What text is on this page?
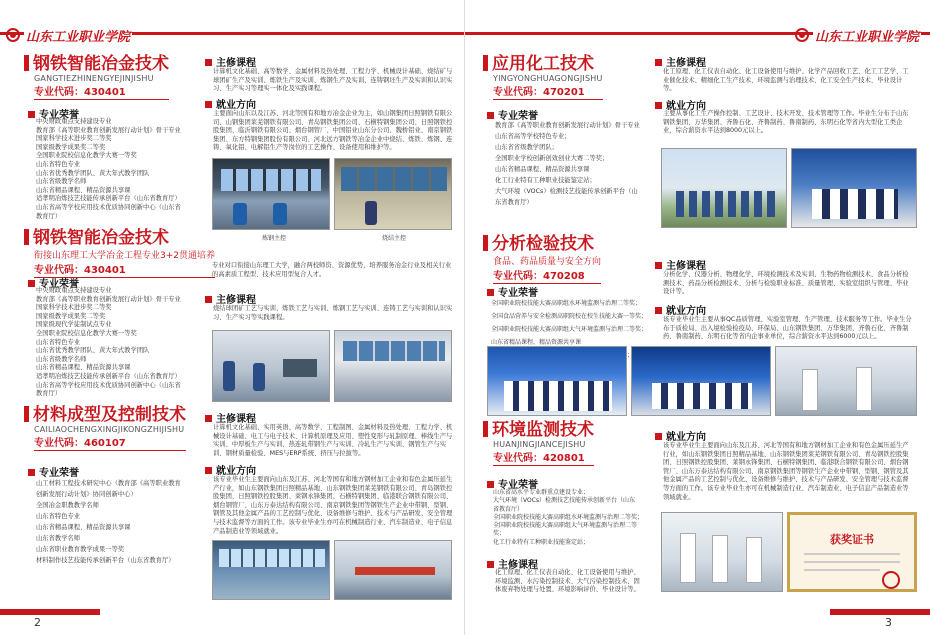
山东工业职业学院
钢铁智能冶金技术
GANGTIEZHINENGYEJINJISHU
专业代码：430401
专业荣誉
中央财政重点支持建设专业
教育部《高等职业教育创新发展行动计划》骨干专业
国家科学技术进步奖二等奖
国家级教学成果奖二等奖
全国职业院校信息化教学大赛一等奖
山东省特色专业
山东省优秀教学团队、黄大年式教学团队
山东省级教学名师
山东省精品课程、精品资源共享课
适孝明冶炼技艺技能传承创新平台（山东省教育厅）
山东省高等学校应用技术优质协同创新中心（山东省
教育厅）
主修课程
计算机文化基础、高等数学、金属材料及热处理、工程力学、机械设计基础、烧结矿与球团矿生产及实训、炼铁生产及实训、炼钢生产及实训、连铸钢坯生产及实训和认识实习、生产实习等理实一体化及实践课程。
就业方向
主要面向山东以及江苏、河北等国有和地方冶金企业为主，如山钢集团日照钢铁有限公司、山钢集团莱芜钢铁有限公司、青岛钢铁集团公司、石横特钢集团公司、日照钢铁控股集团、临沂钢铁有限公司、烟台钢管厂、中国铝业山东分公司、魏桥铝业、南京钢铁集团、东方特钢集团股份有限公司、河北远方钢铁等冶金企业中烧结、炼铁、炼钢、连铸、氧化铝、电解铝生产等岗位的工艺操作、设备使用和维护等。
炼钢主控	烧结主控
钢铁智能冶金技术
衔接山东理工大学冶金工程专业3+2贯通培养
专业代码：430401
专业荣誉
中央财政重点支持建设专业
教育部《高等职业教育创新发展行动计划》骨干专业
国家科学技术进步奖二等奖
国家级教学成果奖二等奖
国家级现代学徒制试点专业
全国职业院校信息化教学大赛一等奖
山东省特色专业
山东省优秀教学团队、黄大年式教学团队
山东省级教学名师
山东省精品课程、精品资源共享课
适孝明冶炼技艺技能传承创新平台（山东省教育厅）
山东省高等学校应用技术优质协同创新中心（山东省
教育厅）
专业对口衔接山东理工大学，融合两校师资、资源优势，培养服务冶金行业及相关行业的高素质工程型、技术应用型复合人才。
主修课程
烧结球团矿工艺与实训、炼铁工艺与实训、炼钢工艺与实训、连铸工艺与实训和认识实习、生产实习等实践课程。
材料成型及控制技术
CAILIAOCHENGXINGJIKONGZHIJISHU
专业代码：460107
专业荣誉
山工材料工程技术研究中心（教育部《高等职业教育
创新发展行动计划》协同创新中心）
全国冶金职教教学名师
山东省特色专业
山东省精品课程、精品资源共享课
山东省教学名师
山东省职业教育教学成果一等奖
材料制作技艺技能传承创新平台（山东省教育厅）
主修课程
计算机文化基础、实用英语、高等数学、工程制图、金属材料及热处理、工程力学、机械设计基础、电工与电子技术、计算机原理及应用、塑性变形与轧制原理、棒线生产与实训、中厚板生产与实训、热连轧带钢生产与实训、冷轧生产与实训、钢管生产与实训、钢材质量检验、MES与ERP系统、挤压与拉拔等。
就业方向
该专业毕业生主要面向山东及江苏、河北等国有和地方钢材加工企业和有色金属压延生产行业，如山东钢铁集团日照精品基地、山东钢铁集团莱芜钢铁有限公司、青岛钢铁控股集团、日照钢铁控股集团、莱钢永锋集团、石横特钢集团、临港联合钢铁有限公司、烟台钢管厂、山东万泰达结构有限公司、南京钢铁集团等钢铁生产企业中带钢、型钢、钢管及其他金属产品的工艺控制与优化、设备维修与维护、技术与产品研发、安全管理与技术监督等方面的工作。该专业毕业生亦可在机械制造行业、汽车制造业、电子信息产品制造业等领域就业。
2
山东工业职业学院
应用化工技术
YINGYONGHUAGONGJISHU
专业代码：470201
专业荣誉
教育部《高等职业教育创新发展行动计划》骨干专业
山东省高等学校特色专业；
山东省省级教学团队；
全国职业学校创新创效创业大赛二等奖；
山东省精品课程、精品资源共享课
化工行业特有工种职业技能鉴定站；
大气环境（VOCs）检测技艺技能传承创新平台（山
东省教育厅）
主修课程
化工原理、化工仪表自动化、化工设备使用与维护、化学产品回收工艺、化工工艺学、工业催化技术、精细化工生产技术、环境监测与治理技术、化工安全生产技术、毕业设计等。
就业方向
主要从事化工生产操作控制、工艺设计、技术开发、技术管理等工作。毕业生分布于山东钢铁集团、万华集团、齐鲁石化、齐鲁制药、鲁南制药、东明石化等省内大型化工类企业，综合薪资水平达到8000元以上。
分析检验技术
食品、药品质量与安全方向
专业代码：470208
专业荣誉
全国职业院校技能大赛高职组水环境监测与治理二等奖；
全国食品营养与安全检测高职院校在校生技能大赛一等奖；
全国职业院校技能大赛高职组大气环境监测与治理二等奖；
山东省精品课程、精品资源共享课
主修课程
分析化学、仪器分析、物理化学、环境检测技术及实训、生物药物检测技术、食品分析检测技术、药品分析检测技术、分析与检验职业标准、质量管理、实验室组织与管理、毕业设计等。
就业方向
该专业毕业生主要从事QC品质管理、实验室管理、生产管理、技术服务等工作。毕业生分布于质检局、出入境检验检疫局、环保局、山东钢铁集团、万华集团、齐鲁石化、齐鲁制药、鲁南制药、东明石化等省内企事业单位，综合薪资水平达到6000元以上。
环境监测技术
HUANJINGJIANCEJISHU
专业代码：420801
专业荣誉
山东省高水平专业群重点建设专业；
大气环境（VOCs）检测技艺技能传承创新平台（山东
省教育厅）
全国职业院校技能大赛高职组水环境监测与治理二等奖；
全国职业院校技能大赛高职组大气环境监测与治理二等
奖；
化工行业特有工种职业技能鉴定站；
主修课程
化工原理、化工仪表自动化、化工设备使用与维护、环境监测、水污染控制技术、大气污染控制技术、固体废弃物处理与处置、环境影响评价、毕业设计等。
就业方向
该专业毕业生主要面向山东及江苏、河北等国有和地方钢材加工企业和有色金属压延生产行业，如山东钢铁集团日照精品基地、山东钢铁集团莱芜钢铁有限公司、青岛钢铁控股集团、日照钢铁控股集团、莱钢永锋集团、石横特钢集团、临港联合钢铁有限公司、烟台钢管厂、山东万泰达结构有限公司、南京钢铁集团等钢铁生产企业中带钢、型钢、钢管及其他金属产品的工艺控制与优化、设备维修与维护、技术与产品研发、安全管理与技术监督等方面的工作。该专业毕业生亦可在机械制造行业、汽车制造业、电子信息产品制造业等领域就业。
获奖证书
3
